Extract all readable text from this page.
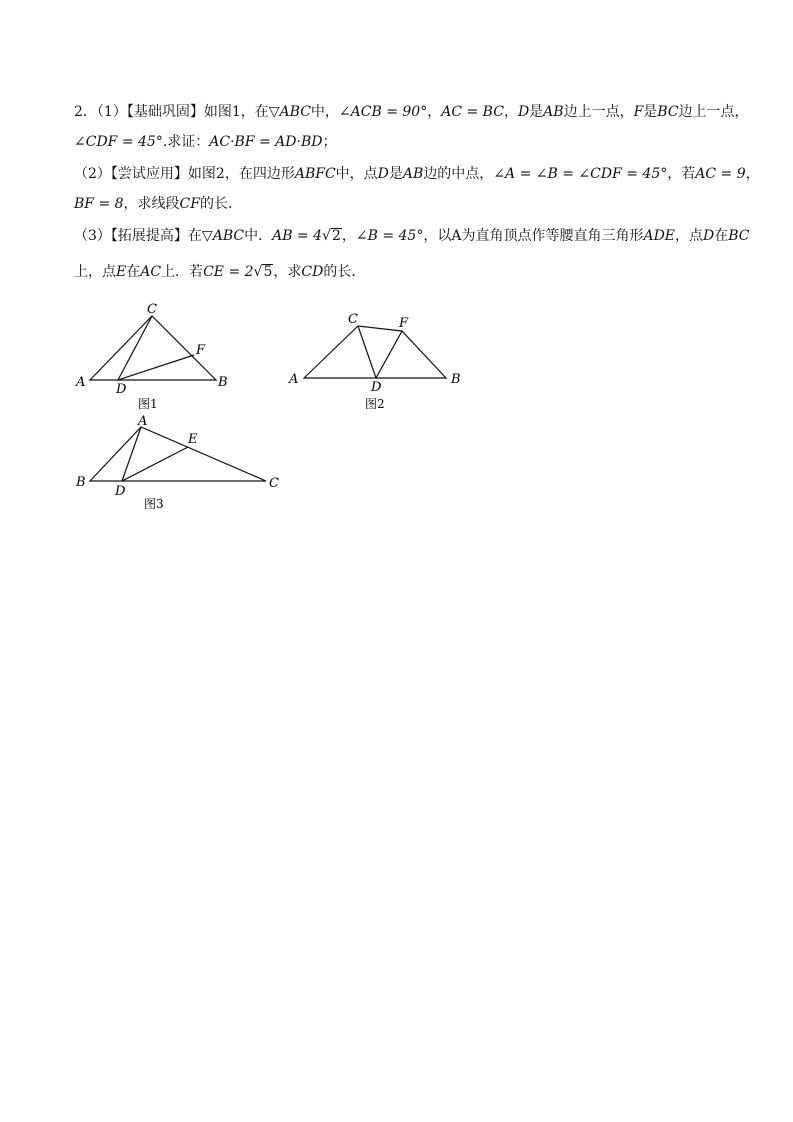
2．（1）【基础巩固】如图1，在▽ABC中，∠ACB = 90°，AC = BC，D是AB边上一点，F是BC边上一点，
∠CDF = 45°.求证：AC·BF = AD·BD；
（2）【尝试应用】如图2，在四边形ABFC中，点D是AB边的中点，∠A = ∠B = ∠CDF = 45°，若AC = 9，
BF = 8，求线段CF的长．
（3）【拓展提高】在▽ABC中．AB = 4√2，∠B = 45°，以A为直角顶点作等腰直角三角形ADE，点D在BC
上，点E在AC上．若CE = 2√5，求CD的长．
A
C
F
D	B
图1
A
C	F
D
B
图2
B
A
E
D
C
图3
